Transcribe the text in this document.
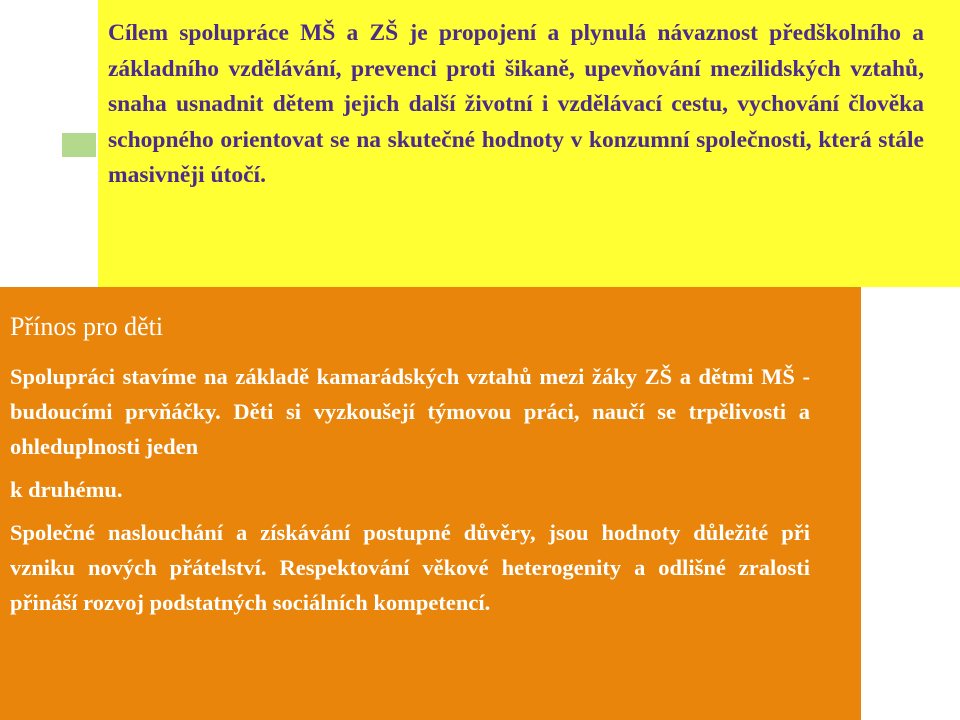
Cílem spolupráce MŠ a ZŠ je propojení a plynulá návaznost předškolního a základního vzdělávání, prevenci proti šikaně, upevňování mezilidských vztahů, snaha usnadnit dětem jejich další životní i vzdělávací cestu, vychování člověka schopného orientovat se na skutečné hodnoty v konzumní společnosti, která stále masivněji útočí.

Přínos pro děti

Spolupráci stavíme na základě kamarádských vztahů mezi žáky ZŠ a dětmi MŠ - budoucími prvňáčky. Děti si vyzkoušejí týmovou práci, naučí se trpělivosti a ohleduplnosti jeden

k druhému.

Společné naslouchání a získávání postupné důvěry, jsou hodnoty důležité při vzniku nových přátelství. Respektování věkové heterogenity a odlišné zralosti přináší rozvoj podstatných sociálních kompetencí.
